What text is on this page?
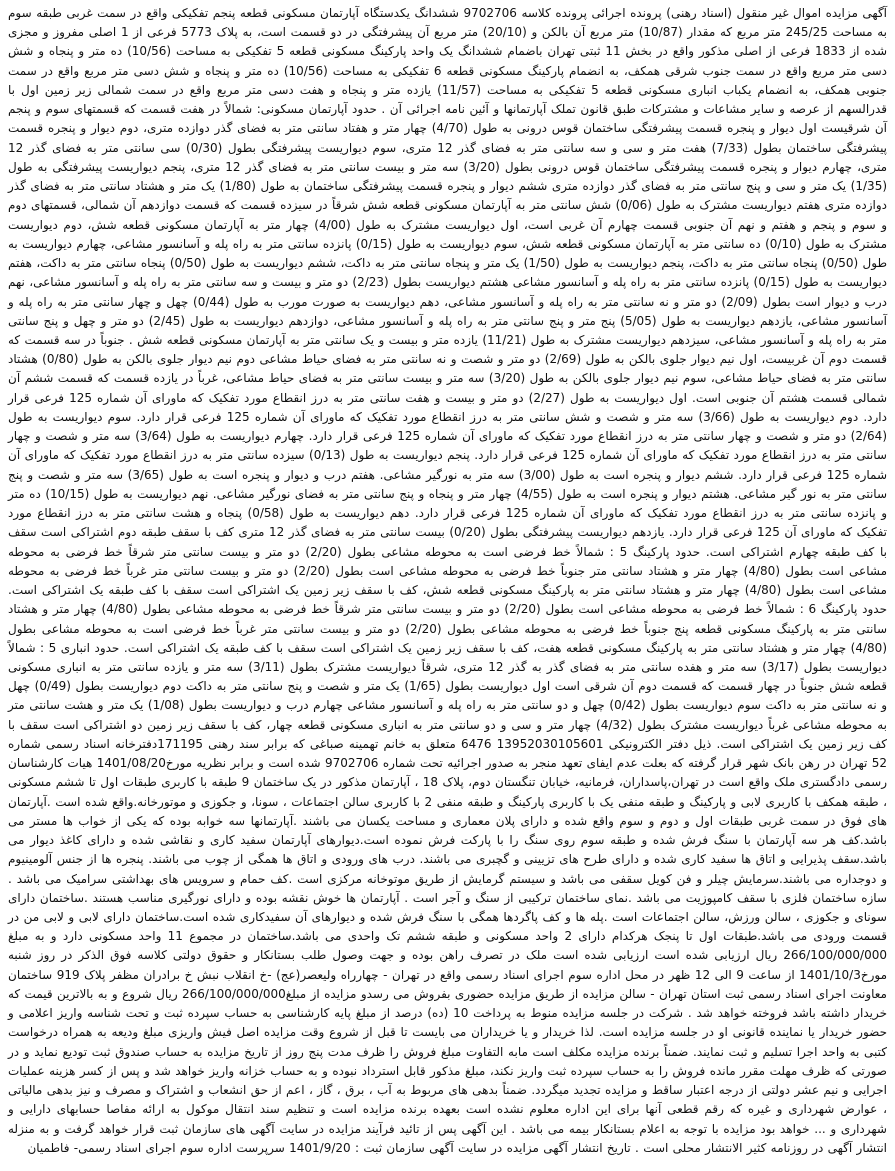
آگهی مزایده اموال غیر منقول (اسناد رهنی) پرونده اجرائی پرونده کلاسه 9702706 ششدانگ یکدستگاه آپارتمان مسکونی قطعه پنجم تفکیکی واقع در سمت غربی طبقه سوم به مساحت 245/25 متر مربع که مقدار (10/87) متر مربع آن بالکن و (20/10) متر مربع آن پیشرفتگی در دو قسمت است، به پلاک 5773 فرعی از 1 اصلی مفروز و مجزی شده از 1833 فرعی از اصلی مذکور واقع در بخش 11 ثبتی تهران باضمام ششدانگ یک واحد پارکینگ مسکونی قطعه 5 تفکیکی به مساحت (10/56) ده متر و پنجاه و شش دسی متر مربع واقع در سمت جنوب شرقی همکف، به انضمام پارکینگ مسکونی قطعه 6 تفکیکی به مساحت (10/56) ده متر و پنجاه و شش دسی متر مربع واقع در سمت جنوبی همکف، به انضمام یکباب انباری مسکونی قطعه 5 تفکیکی به مساحت (11/57) یازده متر و پنجاه و هفت دسی متر مربع واقع در سمت شمالی زیر زمین اول با قدرالسهم از عرصه و سایر مشاعات و مشترکات طبق قانون تملک آپارتمانها و آئین نامه اجرائی آن . حدود آپارتمان مسکونی: شمالاً در هفت قسمت که قسمتهای سوم و پنجم آن شرقیست اول دیوار و پنجره قسمت پیشرفتگی ساختمان قوس درونی به طول (4/70) چهار متر و هفتاد سانتی متر به فضای گذر دوازده متری، دوم دیوار و پنجره قسمت پیشرفتگی ساختمان بطول (7/33) هفت متر و سی و سه سانتی متر به فضای گذر 12 متری، سوم دیواریست پیشرفتگی بطول (0/30) سی سانتی متر به فضای گذر 12 متری، چهارم دیوار و پنجره قسمت پیشرفتگی ساختمان قوس درونی بطول (3/20) سه متر و بیست سانتی متر به فضای گذر 12 متری، پنجم دیواریست پیشرفتگی به طول (1/35) یک متر و سی و پنج سانتی متر به فضای گذر دوازده متری ششم دیوار و پنجره قسمت پیشرفتگی ساختمان به طول (1/80) یک متر و هشتاد سانتی متر به فضای گذر دوازده متری هفتم دیواریست مشترک به طول (0/06) شش سانتی متر به آپارتمان مسکونی قطعه شش شرقاً در سیزده قسمت که قسمت دوازدهم آن شمالی، قسمتهای دوم و سوم و پنجم و هفتم و نهم آن جنوبی قسمت چهارم آن غربی است، اول دیواریست مشترک به طول (4/00) چهار متر به آپارتمان مسکونی قطعه شش، دوم دیواریست مشترک به طول (0/10) ده سانتی متر به آپارتمان مسکونی قطعه شش، سوم دیواریست به طول (0/15) پانزده سانتی متر به راه پله و آسانسور مشاعی، چهارم دیواریست به طول (0/50) پنجاه سانتی متر به داکت، پنجم دیواریست به طول (1/50) یک متر و پنجاه سانتی متر به داکت، ششم دیواریست به طول (0/50) پنجاه سانتی متر به داکت، هفتم دیواریست به طول (0/15) پانزده سانتی متر به راه پله و آسانسور مشاعی هشتم دیواریست بطول (2/23) دو متر و بیست و سه سانتی متر به راه پله و آسانسور مشاعی، نهم درب و دیوار است بطول (2/09) دو متر و نه سانتی متر به راه پله و آسانسور مشاعی، دهم دیواریست به صورت مورب به طول (0/44) چهل و چهار سانتی متر به راه پله و آسانسور مشاعی، یازدهم دیواریست به طول (5/05) پنج متر و پنج سانتی متر به راه پله و آسانسور مشاعی، دوازدهم دیواریست به طول (2/45) دو متر و چهل و پنج سانتی متر به راه پله و آسانسور مشاعی، سیزدهم دیواریست مشترک به طول (11/21) یازده متر و بیست و یک سانتی متر به آپارتمان مسکونی قطعه شش . جنوباً در سه قسمت که قسمت دوم آن غربیست، اول نیم دیوار جلوی بالکن به طول (2/69) دو متر و شصت و نه سانتی متر به فضای حیاط مشاعی دوم نیم دیوار جلوی بالکن به طول (0/80) هشتاد سانتی متر به فضای حیاط مشاعی، سوم نیم دیوار جلوی بالکن به طول (3/20) سه متر و بیست سانتی متر به فضای حیاط مشاعی، غرباً در یازده قسمت که قسمت ششم آن شمالی قسمت هشتم آن جنوبی است. اول دیواریست به طول (2/27) دو متر و بیست و هفت سانتی متر به درز انقطاع مورد تفکیک که ماورای آن شماره 125 فرعی قرار دارد. دوم دیواریست به طول (3/66) سه متر و شصت و شش سانتی متر به درز انقطاع مورد تفکیک که ماورای آن شماره 125 فرعی قرار دارد. سوم دیواریست به طول (2/64) دو متر و شصت و چهار سانتی متر به درز انقطاع مورد تفکیک که ماورای آن شماره 125 فرعی قرار دارد. چهارم دیواریست به طول (3/64) سه متر و شصت و چهار سانتی متر به درز انقطاع مورد تفکیک که ماورای آن شماره 125 فرعی قرار دارد. پنجم دیواریست به طول (0/13) سیزده سانتی متر به درز انقطاع مورد تفکیک که ماورای آن شماره 125 فرعی قرار دارد. ششم دیوار و پنجره است به طول (3/00) سه متر به نورگیر مشاعی. هفتم درب و دیوار و پنجره است به طول (3/65) سه متر و شصت و پنج سانتی متر به نور گیر مشاعی. هشتم دیوار و پنجره است به طول (4/55) چهار متر و پنجاه و پنج سانتی متر به فضای نورگیر مشاعی. نهم دیواریست به طول (10/15) ده متر و پانزده سانتی متر به درز انقطاع مورد تفکیک که ماورای آن شماره 125 فرعی قرار دارد. دهم دیواریست به طول (0/58) پنجاه و هشت سانتی متر به درز انقطاع مورد تفکیک که ماورای آن 125 فرعی قرار دارد. یازدهم دیواریست پیشرفتگی بطول (0/20) بیست سانتی متر به فضای گذر 12 متری کف با سقف طبقه دوم اشتراکی است سقف با کف طبقه چهارم اشتراکی است. حدود پارکینگ 5 : شمالاً خط فرضی است به محوطه مشاعی بطول (2/20) دو متر و بیست سانتی متر شرقاً خط فرضی به محوطه مشاعی است بطول (4/80) چهار متر و هشتاد سانتی متر جنوباً خط فرضی به محوطه مشاعی است بطول (2/20) دو متر و بیست سانتی متر غرباً خط فرضی به محوطه مشاعی است بطول (4/80) چهار متر و هشتاد سانتی متر به پارکینگ مسکونی قطعه شش، کف با سقف زیر زمین یک اشتراکی است سقف با کف طبقه یک اشتراکی است. حدود پارکینگ 6 : شمالاً خط فرضی به محوطه مشاعی است بطول (2/20) دو متر و بیست سانتی متر شرقاً خط فرضی به محوطه مشاعی بطول (4/80) چهار متر و هشتاد سانتی متر به پارکینگ مسکونی قطعه پنج جنوباً خط فرضی به محوطه مشاعی بطول (2/20) دو متر و بیست سانتی متر غرباً خط فرضی است به محوطه مشاعی بطول (4/80) چهار متر و هشتاد سانتی متر به پارکینگ مسکونی قطعه هفت، کف با سقف زیر زمین یک اشتراکی است سقف با کف طبقه یک اشتراکی است. حدود انباری 5 : شمالاً دیواریست بطول (3/17) سه متر و هفده سانتی متر به فضای گذر به گذر 12 متری، شرقاً دیواریست مشترک بطول (3/11) سه متر و یازده سانتی متر به انباری مسکونی قطعه شش جنوباً در چهار قسمت که قسمت دوم آن شرقی است اول دیواریست بطول (1/65) یک متر و شصت و پنج سانتی متر به داکت دوم دیواریست بطول (0/49) چهل و نه سانتی متر به داکت سوم دیواریست بطول (0/42) چهل و دو سانتی متر به راه پله و آسانسور مشاعی چهارم درب و دیواریست بطول (1/08) یک متر و هشت سانتی متر به محوطه مشاعی غرباً دیواریست مشترک بطول (4/32) چهار متر و سی و دو سانتی متر به انباری مسکونی قطعه چهار، کف با سقف زیر زمین دو اشتراکی است سقف با کف زیر زمین یک اشتراکی است. ذیل دفتر الکترونیکی 13952030105601 6476 متعلق به خانم تهمینه صباغی که برابر سند رهنی 171195دفترخانه اسناد رسمی شماره 52 تهران در رهن بانک شهر قرار گرفته که بعلت عدم ایفای تعهد منجر به صدور اجرائیه تحت شماره 9702706 شده است و برابر نظریه مورخ1401/08/20 هیات کارشناسان رسمی دادگستری ملک واقع است در تهران،پاسداران، فرمانیه، خیابان تنگستان دوم، پلاک 18 ، آپارتمان مذکور در یک ساختمان 9 طبقه با کاربری طبقات اول تا ششم مسکونی ، طبقه همکف با کاربری لابی و پارکینگ و طبقه منفی یک با کاربری پارکینگ و طبقه منفی 2 با کاربری سالن اجتماعات ، سونا، و جکوزی و موتورخانه.واقع شده است .آپارتمان های فوق در سمت غربی طبقات اول و دوم و سوم واقع شده و دارای پلان معماری و مساحت یکسان می باشند .آپارتمانها سه خوابه بوده که یکی از خواب ها مستر می باشد.کف هر سه آپارتمان با سنگ فرش شده و طبقه سوم روی سنگ را با پارکت فرش نموده است.دیوارهای آپارتمان سفید کاری و نقاشی شده و دارای کاغذ دیوار می باشد.سقف پذیرایی و اتاق ها سفید کاری شده و دارای طرح های تزیینی و گچبری می باشند. درب های ورودی و اتاق ها همگی از چوب می باشند. پنجره ها از جنس آلومینیوم و دوجداره می باشند.سرمایش چیلر و فن کویل سقفی می باشد و سیستم گرمایش از طریق موتوخانه مرکزی است .کف حمام و سرویس های بهداشتی سرامیک می باشد . سازه ساختمان فلزی با سقف کامپوزیت می باشد .نمای ساختمان ترکیبی از سنگ و آجر است . آپارتمان ها خوش نقشه بوده و دارای نورگیری مناسب هستند .ساختمان دارای سونای و جکوزی ، سالن ورزش، سالن اجتماعات است .پله ها و کف پاگردها همگی با سنگ فرش شده و دیوارهای آن سفیدکاری شده است.ساختمان دارای لابی و لابی من در قسمت ورودی می باشد.طبقات اول تا پنجک هرکدام دارای 2 واحد مسکونی و طبقه ششم تک واحدی می باشد.ساختمان در مجموع 11 واحد مسکونی دارد و به مبلغ 266/100/000/000 ریال ارزیابی شده است ارزیابی شده است ملک در تصرف راهن بوده و جهت وصول طلب بستانکار و حقوق دولتی کلاسه فوق الذکر در روز شنبه مورخ1401/10/3 از ساعت 9 الی 12 ظهر در محل اداره سوم اجرای اسناد رسمی واقع در تهران - چهارراه ولیعصر(عج) -خ انقلاب نبش خ برادران مظفر پلاک 919 ساختمان معاونت اجرای اسناد رسمی ثبت استان تهران - سالن مزایده از طریق مزایده حضوری بفروش می رسدو مزایده از مبلغ266/100/000/000 ریال شروع و به بالاترین قیمت که خریدار داشته باشد فروخته خواهد شد . شرکت در جلسه مزایده منوط به پرداخت 10 (ده) درصد از مبلغ پایه کارشناسی به حساب سپرده ثبت و تحت شناسه واریز اعلامی و حضور خریدار یا نماینده قانونی او در جلسه مزایده است. لذا خریدار و یا خریداران می بایست تا قبل از شروع وقت مزایده اصل فیش واریزی مبلغ ودیعه به همراه درخواست کتبی به واحد اجرا تسلیم و ثبت نمایند. ضمناً برنده مزایده مکلف است مابه التفاوت مبلغ فروش را ظرف مدت پنج روز از تاریخ مزایده به حساب صندوق ثبت تودیع نماید و در صورتی که ظرف مهلت مقرر مانده فروش را به حساب سپرده ثبت واریز نکند، مبلغ مذکور قابل استرداد نبوده و به حساب خزانه واریز خواهد شد و پس از کسر هزینه عملیات اجرایی و نیم عشر دولتی از درجه اعتبار ساقط و مزایده تجدید میگردد. ضمناً بدهی های مربوط به آب ، برق ، گاز ، اعم از حق انشعاب و اشتراک و مصرف و نیز بدهی مالیاتی ، عوارض شهرداری و غیره که رقم قطعی آنها برای این اداره معلوم نشده است بعهده برنده مزایده است و تنظیم سند انتقال موکول به ارائه مفاصا حسابهای دارایی و شهرداری و ... خواهد بود مزایده با توجه به اعلام بستانکار بیمه می باشد . این آگهی پس از تائید فرآیند مزایده در سایت آگهی های سازمان ثبت قرار خواهد گرفت و به منزله انتشار آگهی در روزنامه کثیر الانتشار محلی است . تاریخ انتشار آگهی مزایده در سایت آگهی سازمان ثبت : 1401/9/20 سرپرست اداره سوم اجرای اسناد رسمی- فاطمیان
